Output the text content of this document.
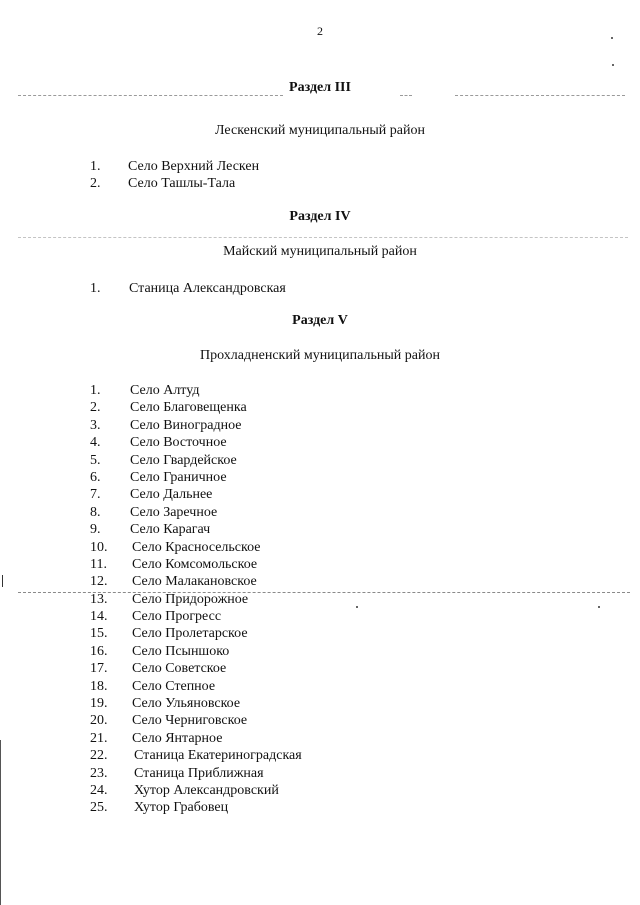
2
Раздел III
Лескенский муниципальный район
1. Село Верхний Лескен
2. Село Ташлы-Тала
Раздел IV
Майский муниципальный район
1. Станица Александровская
Раздел V
Прохладненский муниципальный район
1. Село Алтуд
2. Село Благовещенка
3. Село Виноградное
4. Село Восточное
5. Село Гвардейское
6. Село Граничное
7. Село Дальнее
8. Село Заречное
9. Село Карагач
10. Село Красносельское
11. Село Комсомольское
12. Село Малакановское
13. Село Придорожное
14. Село Прогресс
15. Село Пролетарское
16. Село Псыншоко
17. Село Советское
18. Село Степное
19. Село Ульяновское
20. Село Черниговское
21. Село Янтарное
22. Станица Екатериноградская
23. Станица Приближная
24. Хутор Александровский
25. Хутор Грабовец
